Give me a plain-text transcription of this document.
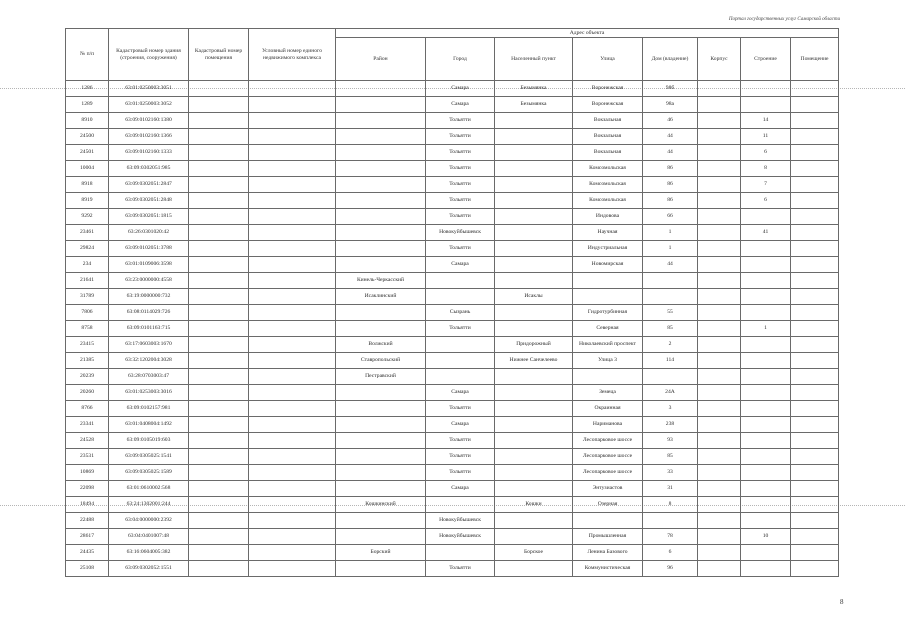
Портал государственных услуг Самарской области
№ п/п	Кадастровый номер здания (строения, сооружения)	Кадастровый номер помещения	Условный номер единого недвижимого комплекса	Адрес объекта							
				Район	Город	Населенный пункт	Улица	Дом (владение)	Корпус	Строение	Помещение
1286	63:01:0250003:3051				Самара	Безымянка	Воронежская	98б			
1289	63:01:0250003:3052				Самара	Безымянка	Воронежская	98а			
8910	63:09:0102160:1380				Тольятти		Вокзальная	46		14	
24500	63:09:0102160:1366				Тольятти		Вокзальная	44		11	
24501	63:09:0102160:1333				Тольятти		Вокзальная	44		6	
10004	63:09:0302051:985				Тольятти		Комсомольская	86		8	
8918	63:09:0302051:2847				Тольятти		Комсомольская	86		7	
8919	63:09:0302051:2848				Тольятти		Комсомольская	86		6	
9292	63:09:0302051:1815				Тольятти		Индовова	66			
23461	63:26:0301020:42				Новокуйбышевск		Научная	1		41	
29824	63:09:0102051:3788				Тольятти		Индустриальная	1			
234	63:01:0109006:3598				Самара		Новомирская	44			
21641	63:23:0000000:4558			Кинель-Черкасский							
31789	63:19:0000000:732			Исаклинский		Исаклы					
7806	63:08:0114029:726				Сызрань		Гидротурбинная	55			
8758	63:09:0101163:715				Тольятти		Северная	85		1	
23415	63:17:0603003:1670			Волжский		Придорожный	Николаевский проспект	2			
21385	63:32:1202004:3028			Ставропольский		Нижнее Санчелеево	Улица 3	114			
20239	63:28:0703003:47			Пестравский							
20260	63:01:0253003:3016				Самара		Земеца	24А			
8766	63:09:0102157:981				Тольятти		Окраинная	3			
23341	63:01:0408004:1492				Самара		Нариманова	238			
24528	63:09:0105019:603				Тольятти		Лесопарковое шоссе	93			
23531	63:09:0305025:1541				Тольятти		Лесопарковое шоссе	85			
10869	63:09:0305025:1589				Тольятти		Лесопарковое шоссе	33			
22098	63:01:0610002:568				Самара		Энтузиастов	31			
18494	63:24:1302001:244			Кошкинский		Кошки	Озерная	8			
22488	63:04:0000000:2392				Новокуйбышевск						
28617	63:04:0401007:48				Новокуйбышевск		Промышленная	78		10	
24435	63:16:0604005:382			Борский		Борское	Ленина Базового	6			
25108	63:09:0302052:1551				Тольятти		Коммунистическая	96			
8
